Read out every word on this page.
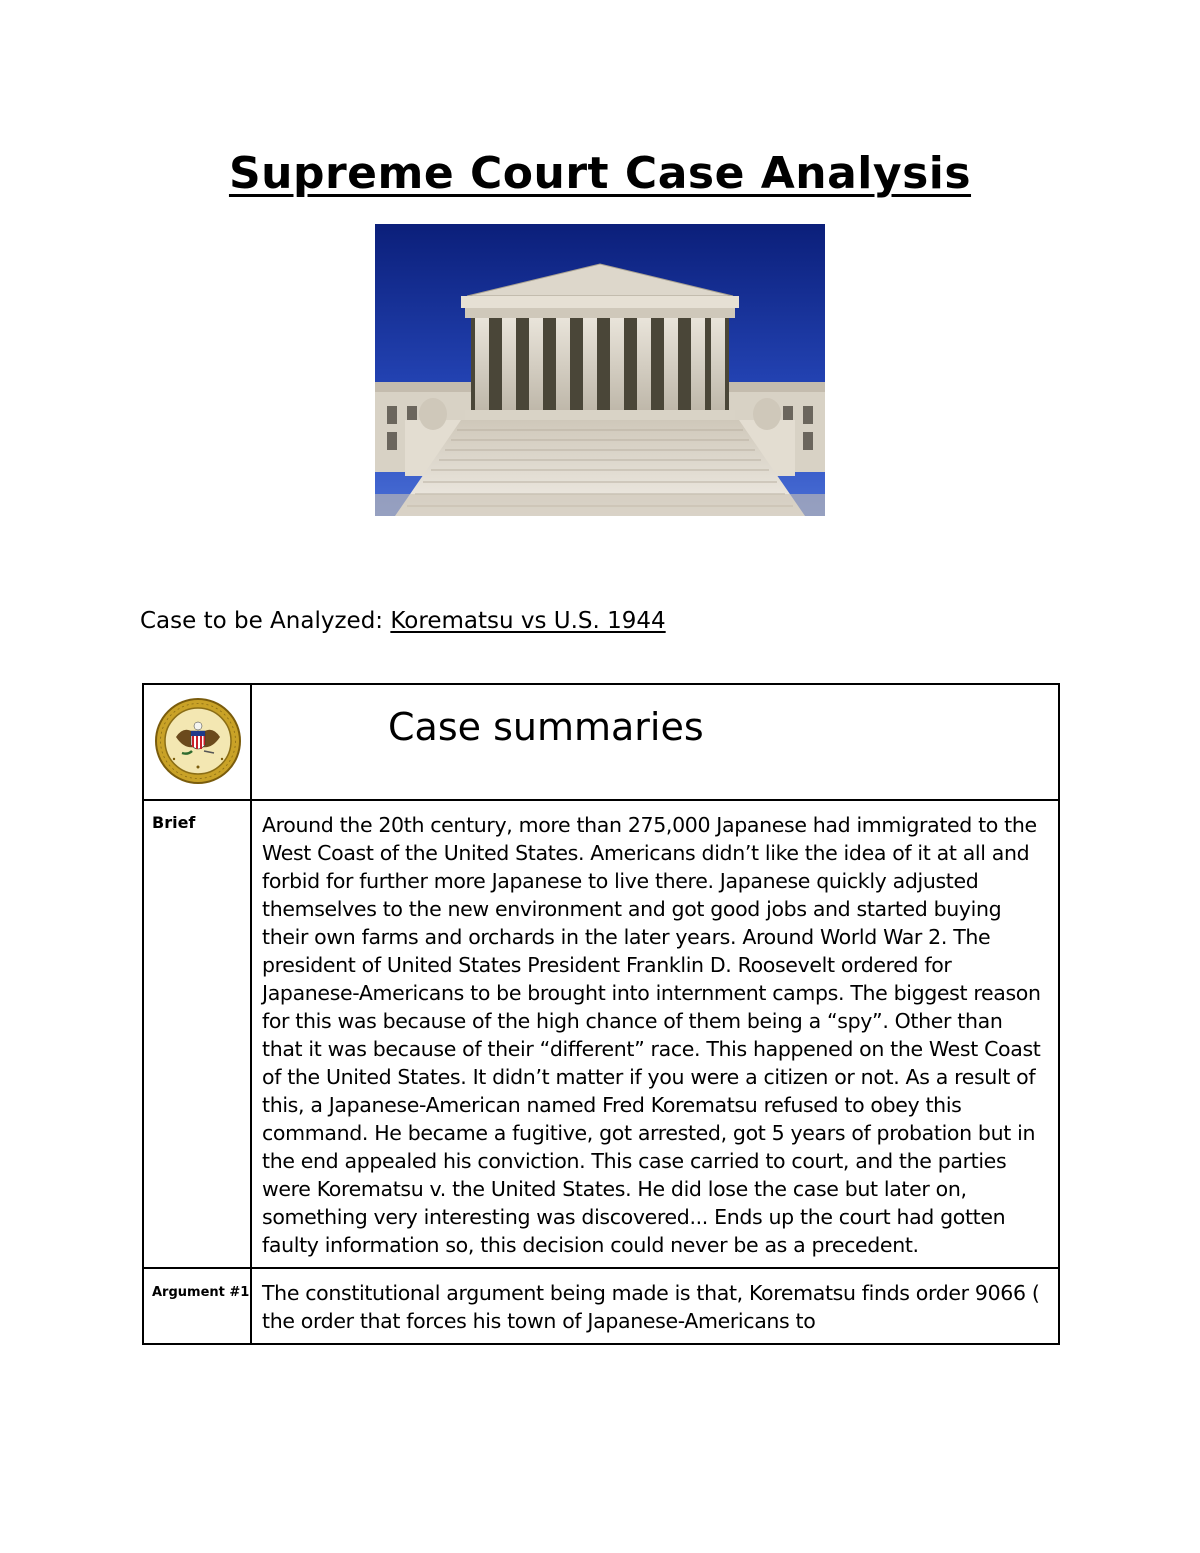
Supreme Court Case Analysis
Case to be Analyzed: Korematsu vs U.S. 1944
	Case summaries
Brief	Around the 20th century, more than 275,000 Japanese had immigrated to the West Coast of the United States. Americans didn’t like the idea of it at all and forbid for further more Japanese to live there. Japanese quickly adjusted themselves to the new environment and got good jobs and started buying their own farms and orchards in the later years. Around World War 2. The president of United States President Franklin D. Roosevelt ordered for Japanese-Americans to be brought into internment camps. The biggest reason for this was because of the high chance of them being a “spy”. Other than that it was because of their “different” race. This happened on the West Coast of the United States. It didn’t matter if you were a citizen or not. As a result of this, a Japanese-American named Fred Korematsu refused to obey this command. He became a fugitive, got arrested, got 5 years of probation but in the end appealed his conviction. This case carried to court, and the parties were Korematsu v. the United States. He did lose the case but later on, something very interesting was discovered... Ends up the court had gotten faulty information so, this decision could never be as a precedent.
Argument #1	The constitutional argument being made is that, Korematsu finds order 9066 ( the order that forces his town of Japanese-Americans to
